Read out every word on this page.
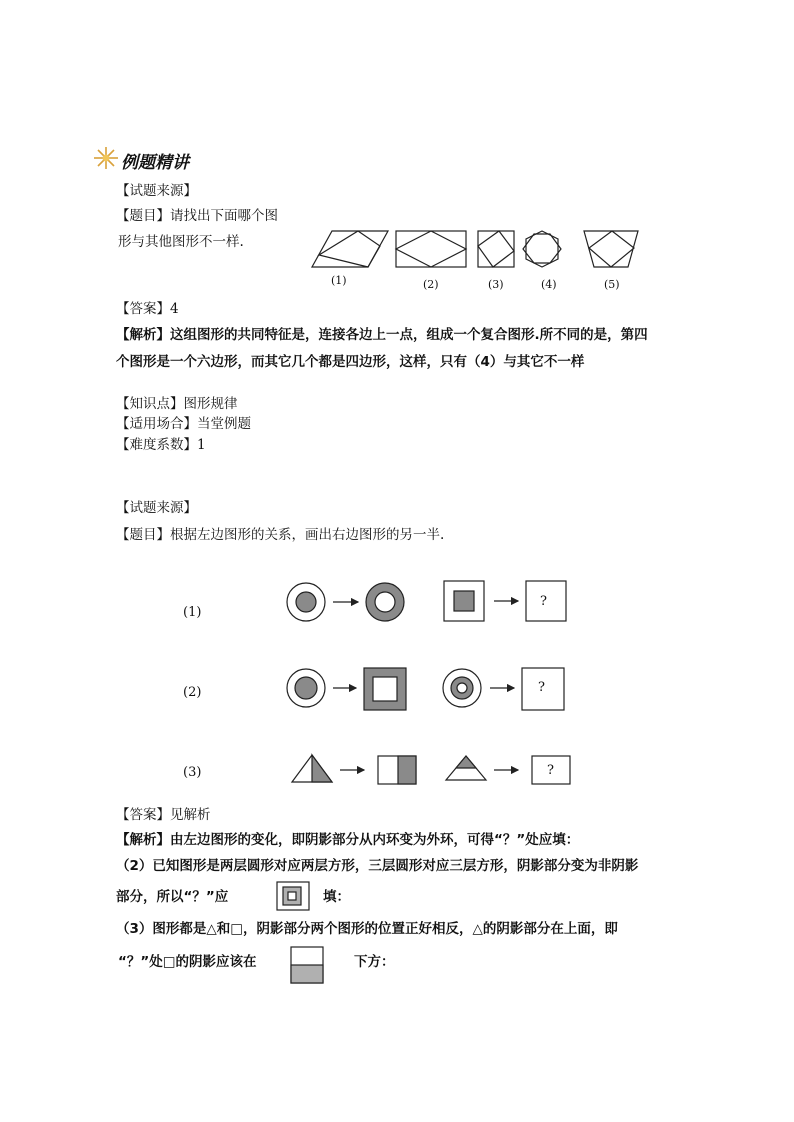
例题精讲
【试题来源】
【题目】请找出下面哪个图
形与其他图形不一样.
(1)	(2)	(3)	(4)	(5)
【答案】4
【解析】这组图形的共同特征是，连接各边上一点，组成一个复合图形.所不同的是，第四
个图形是一个六边形，而其它几个都是四边形，这样，只有（4）与其它不一样
【知识点】图形规律
【适用场合】当堂例题
【难度系数】1
【试题来源】
【题目】根据左边图形的关系，画出右边图形的另一半.
(1)
(2)
(3)
?
?
?
【答案】见解析
【解析】由左边图形的变化，即阴影部分从内环变为外环，可得“？”处应填：
（2）已知图形是两层圆形对应两层方形，三层圆形对应三层方形，阴影部分变为非阴影
部分，所以“？”应	填：
（3）图形都是△和□，阴影部分两个图形的位置正好相反，△的阴影部分在上面，即
“？”处□的阴影应该在	下方：
